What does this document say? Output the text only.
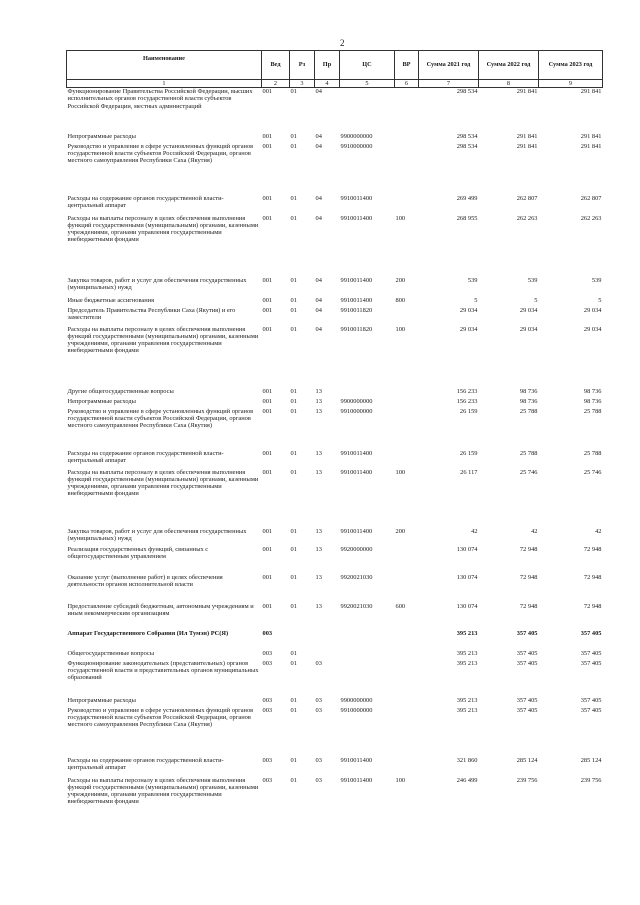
2
Наименование	Вед	Рз	Пр	ЦС	ВР	Сумма 2021 год	Сумма 2022 год	Сумма 2023 год
1	2	3	4	5	6	7	8	9
Функционирование Правительства Российской Федерации, высших исполнительных органов государственной власти субъектов Российской Федерации, местных администраций	001	01	04			298 534	291 841	291 841
Непрограммные расходы	001	01	04	9900000000		298 534	291 841	291 841
Руководство и управление в сфере установленных функций органов государственной власти субъектов Российской Федерации, органов местного самоуправления Республики Саха (Якутия)	001	01	04	9910000000		298 534	291 841	291 841
Расходы на содержание органов государственной власти- центральный аппарат	001	01	04	9910011400		269 499	262 807	262 807
Расходы на выплаты персоналу в целях обеспечения выполнения функций государственными (муниципальными) органами, казенными учреждениями, органами управления государственными внебюджетными фондами	001	01	04	9910011400	100	268 955	262 263	262 263
Закупка товаров, работ и услуг для обеспечения государственных (муниципальных) нужд	001	01	04	9910011400	200	539	539	539
Иные бюджетные ассигнования	001	01	04	9910011400	800	5	5	5
Председатель Правительства Республики Саха (Якутия) и его заместители	001	01	04	9910011820		29 034	29 034	29 034
Расходы на выплаты персоналу в целях обеспечения выполнения функций государственными (муниципальными) органами, казенными учреждениями, органами управления государственными внебюджетными фондами	001	01	04	9910011820	100	29 034	29 034	29 034
Другие общегосударственные вопросы	001	01	13			156 233	98 736	98 736
Непрограммные расходы	001	01	13	9900000000		156 233	98 736	98 736
Руководство и управление в сфере установленных функций органов государственной власти субъектов Российской Федерации, органов местного самоуправления Республики Саха (Якутия)	001	01	13	9910000000		26 159	25 788	25 788
Расходы на содержание органов государственной власти- центральный аппарат	001	01	13	9910011400		26 159	25 788	25 788
Расходы на выплаты персоналу в целях обеспечения выполнения функций государственными (муниципальными) органами, казенными учреждениями, органами управления государственными внебюджетными фондами	001	01	13	9910011400	100	26 117	25 746	25 746
Закупка товаров, работ и услуг для обеспечения государственных (муниципальных) нужд	001	01	13	9910011400	200	42	42	42
Реализация государственных функций, связанных с общегосударственным управлением	001	01	13	9920000000		130 074	72 948	72 948
Оказание услуг (выполнение работ) в целях обеспечения деятельности органов исполнительной власти	001	01	13	9920021030		130 074	72 948	72 948
Предоставление субсидий бюджетным, автономным учреждениям и иным некоммерческим организациям	001	01	13	9920021030	600	130 074	72 948	72 948
Аппарат Государственного Собрания (Ил Тумэн) РС(Я)	003					395 213	357 405	357 405
Общегосударственные вопросы	003	01				395 213	357 405	357 405
Функционирование законодательных (представительных) органов государственной власти и представительных органов муниципальных образований	003	01	03			395 213	357 405	357 405
Непрограммные расходы	003	01	03	9900000000		395 213	357 405	357 405
Руководство и управление в сфере установленных функций органов государственной власти субъектов Российской Федерации, органов местного самоуправления Республики Саха (Якутия)	003	01	03	9910000000		395 213	357 405	357 405
Расходы на содержание органов государственной власти- центральный аппарат	003	01	03	9910011400		321 860	285 124	285 124
Расходы на выплаты персоналу в целях обеспечения выполнения функций государственными (муниципальными) органами, казенными учреждениями, органами управления государственными внебюджетными фондами	003	01	03	9910011400	100	246 499	239 756	239 756
